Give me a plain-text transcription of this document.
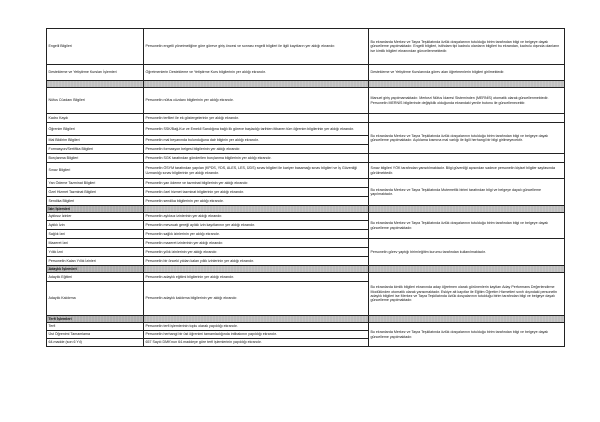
Engelli Bilgileri	Personelin engelli yönetmeliğine göre göreve giriş öncesi ve sonrası engelli bilgileri ile ilgili kayıtların yer aldığı ekrandır.	Bu ekranlarda Merkez ve Taşra Teşkilatında özlük dosyalarının tutulduğu birim tarafından bilgi ve belgeye dayalı güncelleme yapılmaktadır. Engelli bilgileri, istihdam tipi kadrolu olanların bilgileri bu ekrandan, kadrolu dışında olanların ise kimlik bilgileri ekranından güncellenmektedir.
Destekleme ve Yetiştirme Kursları İşlemleri	Öğretmenlerin Destekleme ve Yetiştirme Kurs bilgilerinin yer aldığı ekrandır.	Destekleme ve Yetiştirme Kurslarında görev alan öğretmenlerin bilgileri girilmektedir.

Nüfus Cüzdanı Bilgileri	Personelin nüfus cüzdanı bilgilerinin yer aldığı ekrandır.	Manuel giriş yapılmamaktadır. Merkezi Nüfus İdaresi Sisteminden (MERNİS) otomatik olarak güncellenmektedir. Personelin MERNİS bilgilerinde değişiklik olduğunda ekrandaki yenile butonu ile güncellenecektir.
Kadro Kaydı	Personelin terfileri ile ek göstergelerinin yer aldığı ekrandır.	
Öğrenim Bilgileri	Personelin SSK/Bağ-Kur ve Emekli Sandığına bağlı ilk göreve başladığı tarihten itibaren tüm öğrenim bilgilerinin yer aldığı ekrandır.	Bu ekranlarda Merkez ve Taşra Teşkilatında özlük dosyalarının tutulduğu birim tarafından bilgi ve belgeye dayalı güncelleme yapılmaktadır. Açıklama kısmına mal varlığı ile ilgili herhangi bir bilgi girilmeyecektir.
Mal Bildirim Bilgileri	Personelin mal beyanında bulunduğuna dair bilginin yer aldığı ekrandır.	
Formasyon/Sertifika Bilgileri	Personelin formasyon belgesi bilgilerinin yer aldığı ekrandır.	
Borçlanma Bilgileri	Personelin SGK tarafından gönderilen borçlanma bilgilerinin yer aldığı ekrandır.	
Sınav Bilgileri	Personelin ÖSYM tarafından yapılan (KPDS, YDS, ALES, LES, ÜDS) sınav bilgileri ile kariyer basamağı sınav bilgileri ve İş Güvenliği Uzmanlığı sınav bilgilerinin yer aldığı ekrandır.	Sınav bilgileri YÖK tarafından yansıtılmaktadır. Bilgi güvenliği açısından sadece personelin kişisel bilgiler sayfasında görülmektedir.
Yan Ödeme Tazminat Bilgileri	Personelin yan ödeme ve tazminat bilgilerinin yer aldığı ekrandır.	Bu ekranlarda Merkez ve Taşra Teşkilatında Mutemetlik birimi tarafından bilgi ve belgeye dayalı güncelleme yapılmaktadır.
Özel Hizmet Tazminat Bilgileri	Personelin özel hizmet tazminat bilgilerinin yer aldığı ekrandır.	
Sendika Bilgileri	Personelin sendika bilgilerinin yer aldığı ekrandır.	
İzin İşlemleri		
Aylıksız İzinler	Personelin aylıksız izinlerinin yer aldığı ekrandır.	Bu ekranlarda Merkez ve Taşra Teşkilatında özlük dosyalarının tutulduğu birim tarafından bilgi ve belgeye dayalı güncelleme yapılmaktadır.
Aylıklı İzin	Personelin mevzuatı gereği aylıklı izin kayıtlarının yer aldığı ekrandır.	
Sağlık İzni	Personelin sağlık izinlerinin yer aldığı ekrandır.	
Mazeret İzni	Personelin mazeret izinlerinin yer aldığı ekrandır.	Personelin görev yaptığı birim/eğitim kurumu tarafından kullanılmaktadır.
Yıllık İzni	Personelin yıllık izinlerinin yer aldığı ekrandır.	
Personelin Kalan Yıllık İzinleri	Personelin bir önceki yıldan kalan yıllık izinlerinin yer aldığı ekrandır.	
Adaylık İşlemleri		
Adaylık Eğitimi	Personelin adaylık eğitimi bilgilerinin yer aldığı ekrandır.	Bu ekranlarda kimlik bilgileri ekranında aday öğretmen olarak görünenlerin kaytları Aday Performans Değerlendirme Modülünden otomatik olarak yansımaktadır. Eskiye ait kayıtlar ile Eğitim Öğretim Hizmetleri sınıfı dışındaki personelin adaylık bilgileri ise Merkez ve Taşra Teşkilatında özlük dosyalarının tutulduğu birim tarafından bilgi ve belgeye dayalı güncelleme yapılmaktadır.
Adaylık Kaldırma	Personelin adaylık kaldırma bilgilerinin yer aldığı ekrandır.	
Terfi İşlemleri		
Terfi	Personelin terfi işlemlerinin toplu olarak yapıldığı ekrandır.	Bu ekranlarda Merkez ve Taşra Teşkilatında özlük dosyalarının tutulduğu birim tarafından bilgi ve belgeye dayalı güncelleme yapılmaktadır.
Üst Öğrenimi Tamamlama	Personelin herhangi bir üst öğrenimi tamamladığında intibakının yapıldığı ekrandır.	
64.madde (son 6 Yıl)	657 Sayılı DMK'nun 64.maddeye göre terfi işlemlerinin yapıldığı ekrandır.	
